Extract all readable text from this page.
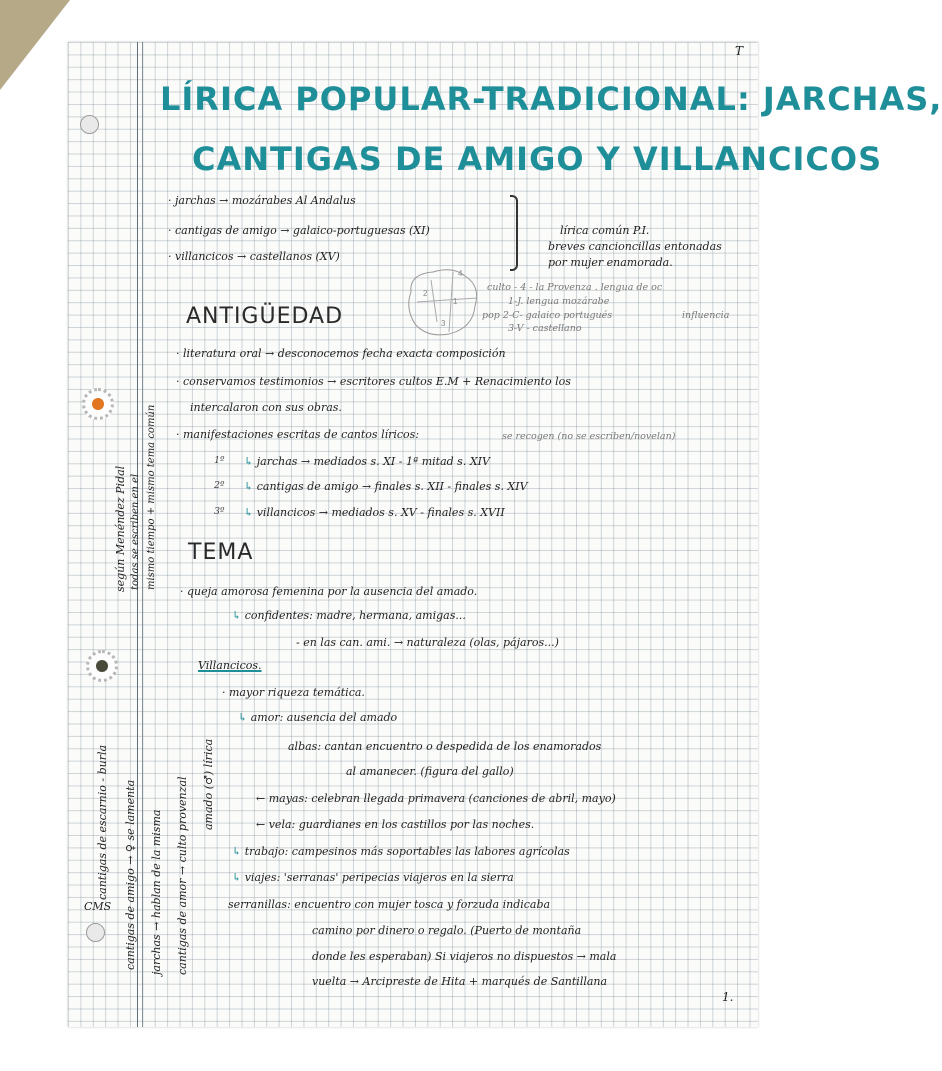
T
LÍRICA POPULAR-TRADICIONAL: JARCHAS,
CANTIGAS DE AMIGO Y VILLANCICOS
· jarchas → mozárabes Al Andalus
· cantigas de amigo → galaico-portuguesas (XI)
· villancicos → castellanos (XV)
lírica común P.I.
breves cancioncillas entonadas
por mujer enamorada.
4
2
1
3
culto - 4 - la Provenza . lengua de oc
1-J. lengua mozárabe
pop 2-C- galaico portugués
3-V - castellano
influencia
ANTIGÜEDAD
· literatura oral → desconocemos fecha exacta composición
· conservamos testimonios → escritores cultos E.M + Renacimiento los
intercalaron con sus obras.
· manifestaciones escritas de cantos líricos:	se recogen (no se escriben/novelan)
1º ↳ jarchas → mediados s. XI - 1ª mitad s. XIV
2º ↳ cantigas de amigo → finales s. XII - finales s. XIV
3º ↳ villancicos → mediados s. XV - finales s. XVII
TEMA
· queja amorosa femenina por la ausencia del amado.
↳ confidentes: madre, hermana, amigas...
- en las can. ami. → naturaleza (olas, pájaros...)
Villancicos.
· mayor riqueza temática.
↳ amor: ausencia del amado
albas: cantan encuentro o despedida de los enamorados
al amanecer. (figura del gallo)
← mayas: celebran llegada primavera (canciones de abril, mayo)
← vela: guardianes en los castillos por las noches.
↳ trabajo: campesinos más soportables las labores agrícolas
↳ viajes: 'serranas' peripecias viajeros en la sierra
serranillas: encuentro con mujer tosca y forzuda indicaba
camino por dinero o regalo. (Puerto de montaña
donde les esperaban) Si viajeros no dispuestos → mala
vuelta → Arcipreste de Hita + marqués de Santillana
1.
según Menéndez Pidal todas se escriben en el mismo tiempo + mismo tema común
cantigas de escarnio - burla cantigas de amigo → ♀ se lamenta jarchas → hablan de la misma cantigas de amor → culto provenzal amado (♂) lírica
CMS
